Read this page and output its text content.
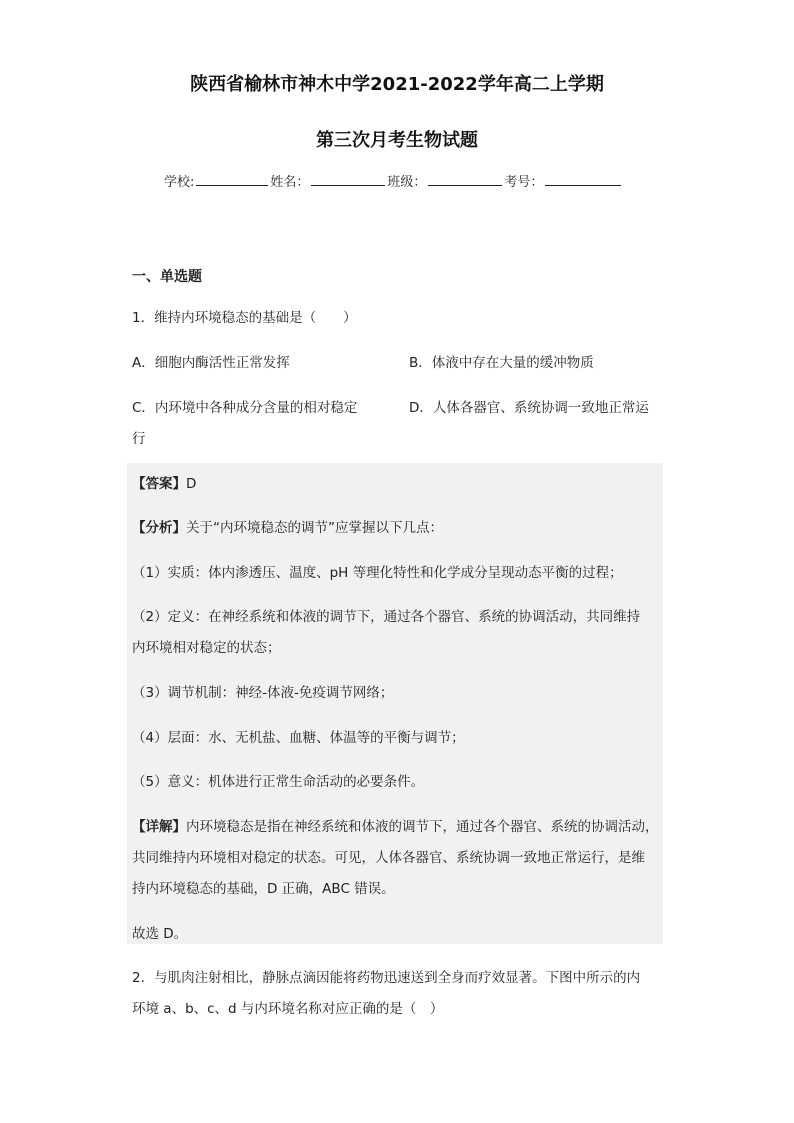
陕西省榆林市神木中学2021-2022学年高二上学期
第三次月考生物试题
学校:	姓名：	班级：	考号：
一、单选题
1．维持内环境稳态的基础是（　　）
A．细胞内酶活性正常发挥	B．体液中存在大量的缓冲物质
C．内环境中各种成分含量的相对稳定	D．人体各器官、系统协调一致地正常运
行
【答案】D
【分析】关于“内环境稳态的调节”应掌握以下几点：
（1）实质：体内渗透压、温度、pH 等理化特性和化学成分呈现动态平衡的过程；
（2）定义：在神经系统和体液的调节下，通过各个器官、系统的协调活动，共同维持
内环境相对稳定的状态；
（3）调节机制：神经-体液-免疫调节网络；
（4）层面：水、无机盐、血糖、体温等的平衡与调节；
（5）意义：机体进行正常生命活动的必要条件。
【详解】内环境稳态是指在神经系统和体液的调节下，通过各个器官、系统的协调活动，
共同维持内环境相对稳定的状态。可见，人体各器官、系统协调一致地正常运行，是维
持内环境稳态的基础，D 正确，ABC 错误。
故选 D。
2．与肌肉注射相比，静脉点滴因能将药物迅速送到全身而疗效显著。下图中所示的内
环境 a、b、c、d 与内环境名称对应正确的是（　）
